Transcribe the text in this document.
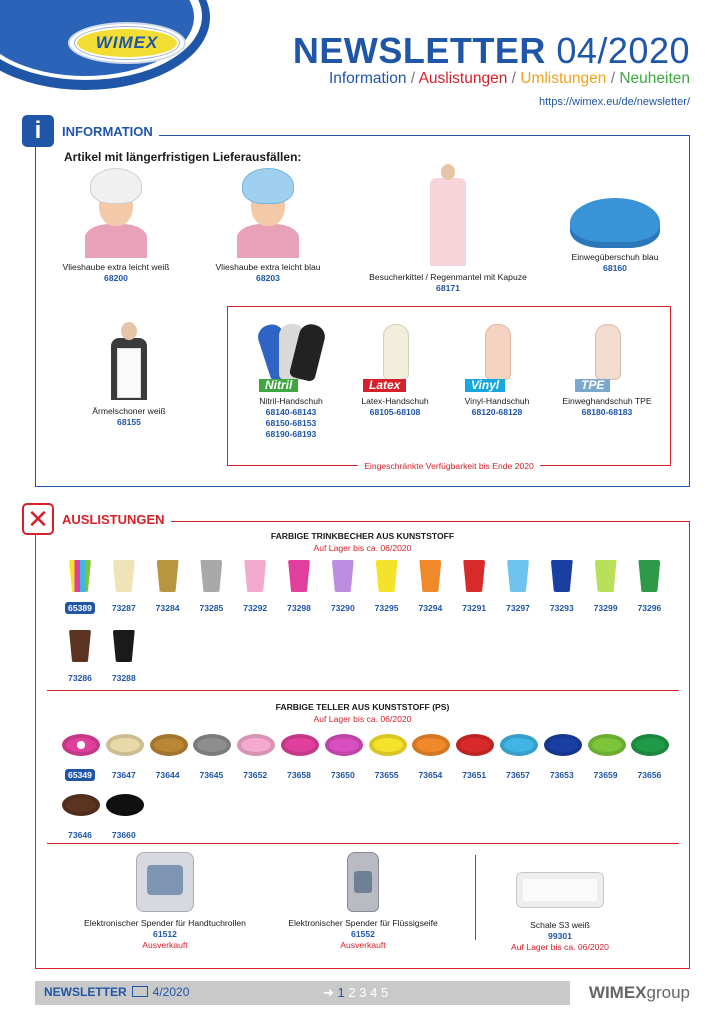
WIMEX	NEWSLETTER 04/2020
Information / Auslistungen / Umlistungen / Neuheiten
https://wimex.eu/de/newsletter/
i	INFORMATION
Artikel mit längerfristigen Lieferausfällen:
Vlieshaube extra leicht weiß
68200
Vlieshaube extra leicht blau
68203	Besucherkittel / Regenmantel mit Kapuze
68171
Einwegüberschuh blau
68160
Ärmelschoner weiß
68155
Eingeschränkte Verfügbarkeit bis Ende 2020
Nitril
Nitril-Handschuh
68140-68143
68150-68153
68190-68193
Latex
Latex-Handschuh
68105-68108
Vinyl
Vinyl-Handschuh
68120-68128
TPE
Einweghandschuh TPE
68180-68183
✕	AUSLISTUNGEN
FARBIGE TRINKBECHER AUS KUNSTSTOFF
Auf Lager bis ca. 06/2020
65389	73287	73284	73285	73292	73298	73290	73295	73294	73291	73297	73293	73299	73296
73286	73288
FARBIGE TELLER AUS KUNSTSTOFF (PS)
Auf Lager bis ca. 06/2020
65349	73647	73644	73645	73652	73658	73650	73655	73654	73651	73657	73653	73659	73656
73646	73660
Elektronischer Spender für Handtuchrollen
61512
Ausverkauft
Elektronischer Spender für Flüssigseife
61552
Ausverkauft
Schale S3 weiß
99301
Auf Lager bis ca. 06/2020
NEWSLETTER 4/2020	➔ 1 2 3 4 5	WIMEXgroup
